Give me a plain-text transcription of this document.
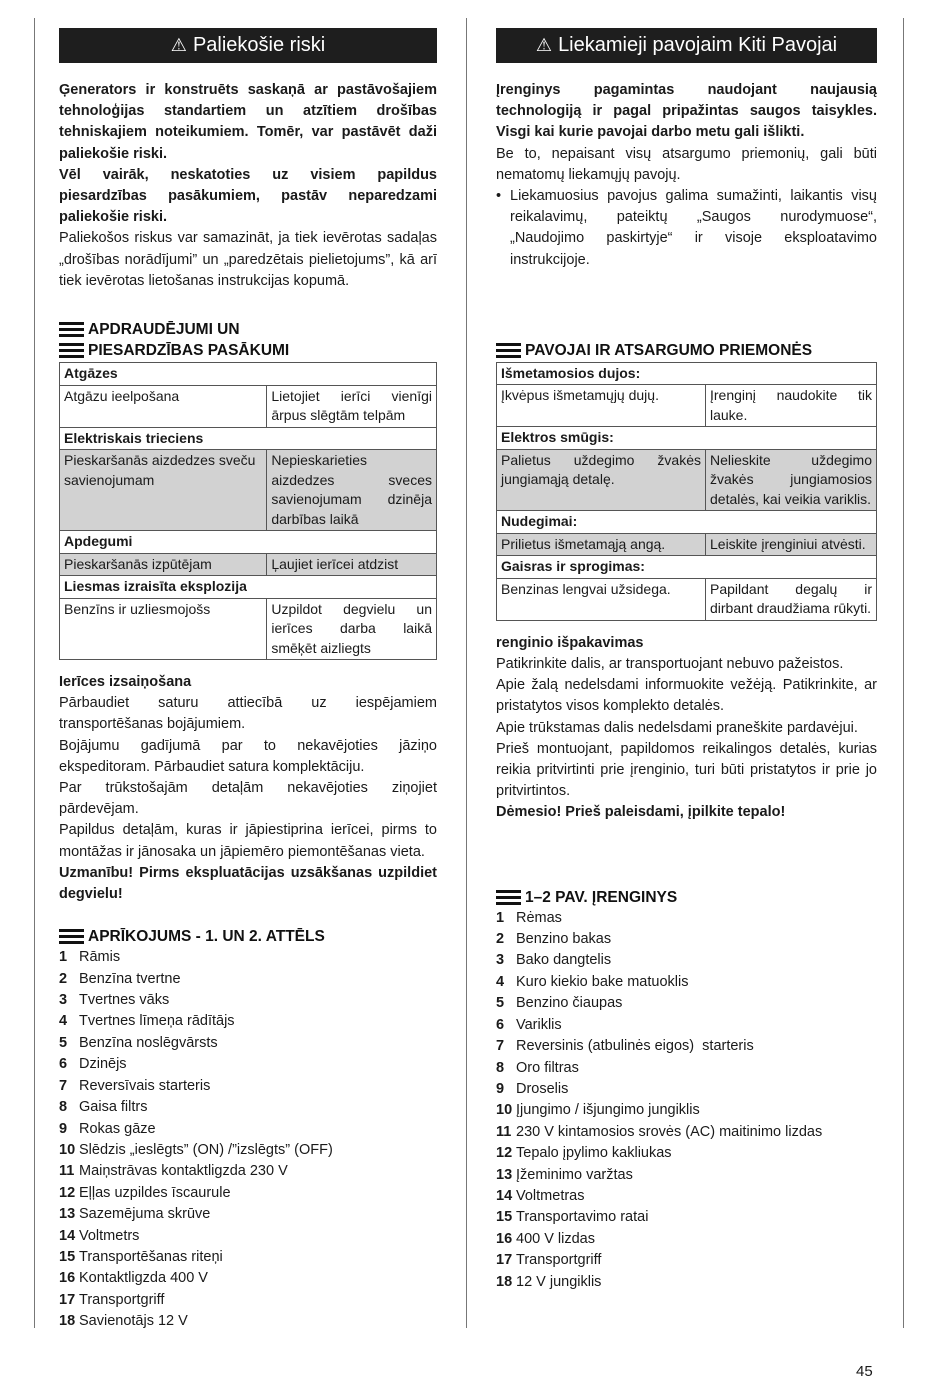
⚠ Paliekošie riski

Ģenerators ir konstruēts saskaņā ar pastāvošajiem tehnoloģijas standartiem un atzītiem drošības tehniskajiem noteikumiem. Tomēr, var pastāvēt daži paliekošie riski.

Vēl vairāk, neskatoties uz visiem papildus piesardzības pasākumiem, pastāv neparedzami paliekošie riski.

Paliekošos riskus var samazināt, ja tiek ievērotas sadaļas „drošības norādījumi” un „paredzētais pielietojums”, kā arī tiek ievērotas lietošanas instrukcijas kopumā.

APDRAUDĒJUMI UN
PIESARDZĪBAS PASĀKUMI
Atgāzes	
Atgāzu ieelpošana	Lietojiet ierīci vienīgi ārpus slēgtām telpām
Elektriskais trieciens	
Pieskaršanās aizdedzes sveču savienojumam	Nepieskarieties aizdedzes sveces savienojumam dzinēja darbības laikā
Apdegumi	
Pieskaršanās izpūtējam	Ļaujiet ierīcei atdzist
Liesmas izraisīta eksplozija	
Benzīns ir uzliesmojošs	Uzpildot degvielu un ierīces darba laikā smēķēt aizliegts

Ierīces izsaiņošana

Pārbaudiet saturu attiecībā uz iespējamiem transportēšanas bojājumiem.

Bojājumu gadījumā par to nekavējoties jāziņo ekspeditoram. Pārbaudiet satura komplektāciju.

Par trūkstošajām detaļām nekavējoties ziņojiet pārdevējam.

Papildus detaļām, kuras ir jāpiestiprina ierīcei, pirms to montāžas ir jānosaka un jāpiemēro piemontēšanas vieta.

Uzmanību! Pirms ekspluatācijas uzsākšanas uzpildiet degvielu!

APRĪKOJUMS - 1. UN 2. ATTĒLS
1 Rāmis
2 Benzīna tvertne
3 Tvertnes vāks
4 Tvertnes līmeņa rādītājs
5 Benzīna noslēgvārsts
6 Dzinējs
7 Reversīvais starteris
8 Gaisa filtrs
9 Rokas gāze
10 Slēdzis „ieslēgts” (ON) /”izslēgts” (OFF)
11 Maiņstrāvas kontaktligzda 230 V
12 Eļļas uzpildes īscaurule
13 Sazemējuma skrūve
14 Voltmetrs
15 Transportēšanas riteņi
16 Kontaktligzda 400 V
17 Transportgriff
18 Savienotājs 12 V
⚠ Liekamieji pavojaim Kiti Pavojai

Įrenginys pagamintas naudojant naujausią technologiją ir pagal pripažintas saugos taisykles. Visgi kai kurie pavojai darbo metu gali išlikti.

Be to, nepaisant visų atsargumo priemonių, gali būti nematomų liekamųjų pavojų.

• Liekamuosius pavojus galima sumažinti, laikantis visų reikalavimų, pateiktų „Saugos nurodymuose“, „Naudojimo paskirtyje“ ir visoje eksploatavimo instrukcijoje.
PAVOJAI IR ATSARGUMO PRIEMONĖS
Išmetamosios dujos:	
Įkvėpus išmetamųjų dujų.	Įrenginį naudokite tik lauke.
Elektros smūgis:	
Palietus uždegimo žvakės jungiamąją detalę.	Nelieskite uždegimo žvakės jungiamosios detalės, kai veikia variklis.
Nudegimai:	
Prilietus išmetamąją angą.	Leiskite įrenginiui atvėsti.
Gaisras ir sprogimas:	
Benzinas lengvai užsidega.	Papildant degalų ir dirbant draudžiama rūkyti.

renginio išpakavimas

Patikrinkite dalis, ar transportuojant nebuvo pažeistos.

Apie žalą nedelsdami informuokite vežėją. Patikrinkite, ar pristatytos visos komplekto detalės.

Apie trūkstamas dalis nedelsdami praneškite pardavėjui.

Prieš montuojant, papildomos reikalingos detalės, kurias reikia pritvirtinti prie įrenginio, turi būti pristatytos ir prie jo pritvirtintos.

Dėmesio! Prieš paleisdami, įpilkite tepalo!

1–2 PAV. ĮRENGINYS
1 Rėmas
2 Benzino bakas
3 Bako dangtelis
4 Kuro kiekio bake matuoklis
5 Benzino čiaupas
6 Variklis
7 Reversinis (atbulinės eigos)  starteris
8 Oro filtras
9 Droselis
10 Įjungimo / išjungimo jungiklis
11 230 V kintamosios srovės (AC) maitinimo lizdas
12 Tepalo įpylimo kakliukas
13 Įžeminimo varžtas
14 Voltmetras
15 Transportavimo ratai
16 400 V lizdas
17 Transportgriff
18 12 V jungiklis
45
